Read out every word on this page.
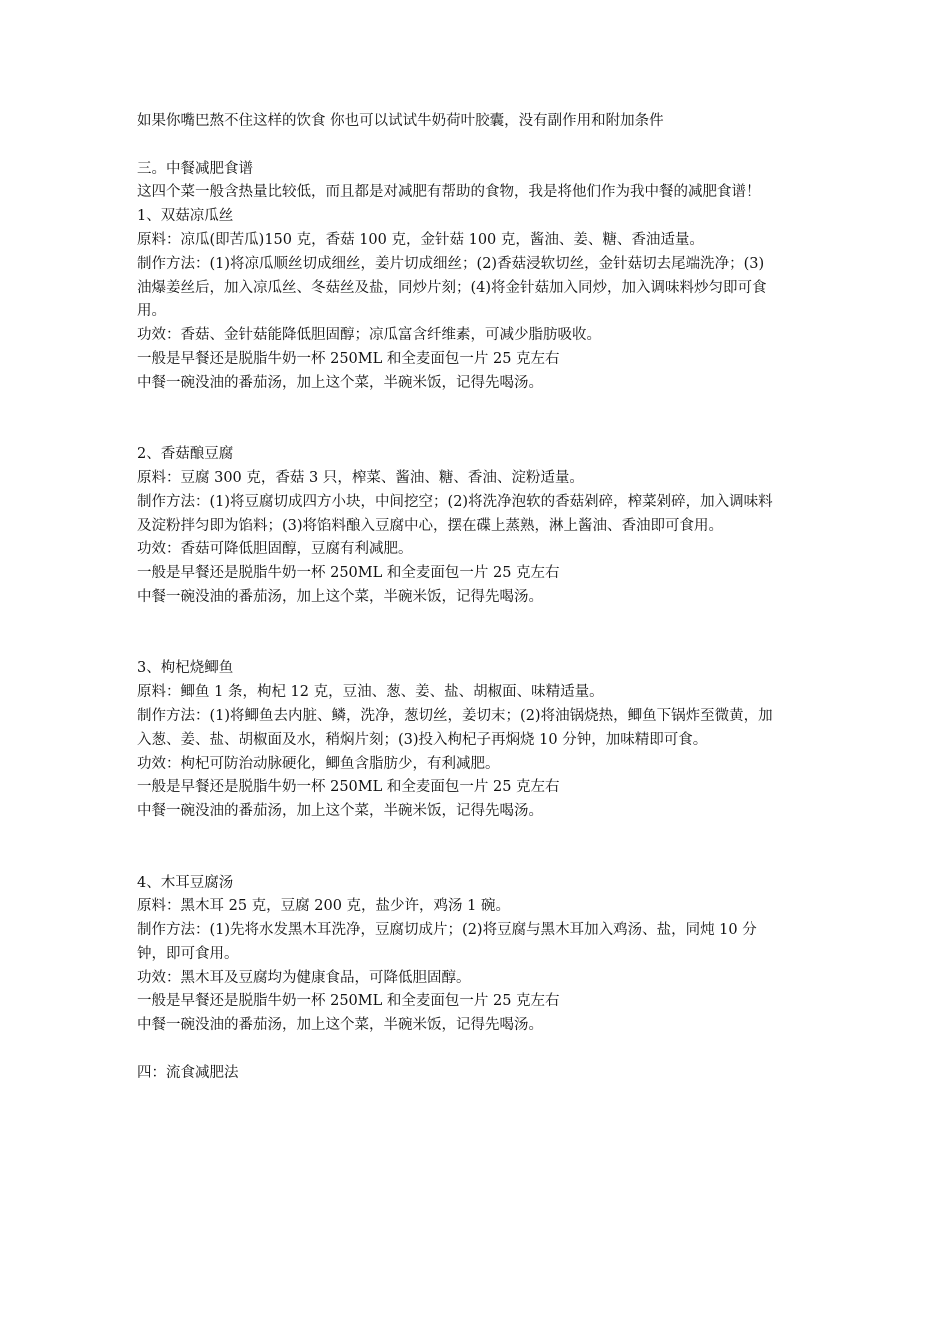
如果你嘴巴熬不住这样的饮食 你也可以试试牛奶荷叶胶囊，没有副作用和附加条件
三。中餐减肥食谱
这四个菜一般含热量比较低，而且都是对减肥有帮助的食物，我是将他们作为我中餐的减肥食谱！
1、双菇凉瓜丝
原料：凉瓜(即苦瓜)150 克，香菇 100 克，金针菇 100 克，酱油、姜、糖、香油适量。
制作方法：(1)将凉瓜顺丝切成细丝，姜片切成细丝；(2)香菇浸软切丝，金针菇切去尾端洗净；(3)油爆姜丝后，加入凉瓜丝、冬菇丝及盐，同炒片刻；(4)将金针菇加入同炒，加入调味料炒匀即可食用。
功效：香菇、金针菇能降低胆固醇；凉瓜富含纤维素，可减少脂肪吸收。
一般是早餐还是脱脂牛奶一杯 250ML 和全麦面包一片 25 克左右
中餐一碗没油的番茄汤，加上这个菜，半碗米饭，记得先喝汤。
2、香菇酿豆腐
原料：豆腐 300 克，香菇 3 只，榨菜、酱油、糖、香油、淀粉适量。
制作方法：(1)将豆腐切成四方小块，中间挖空；(2)将洗净泡软的香菇剁碎，榨菜剁碎，加入调味料及淀粉拌匀即为馅料；(3)将馅料酿入豆腐中心，摆在碟上蒸熟，淋上酱油、香油即可食用。
功效：香菇可降低胆固醇，豆腐有利减肥。
一般是早餐还是脱脂牛奶一杯 250ML 和全麦面包一片 25 克左右
中餐一碗没油的番茄汤，加上这个菜，半碗米饭，记得先喝汤。
3、枸杞烧鲫鱼
原料：鲫鱼 1 条，枸杞 12 克，豆油、葱、姜、盐、胡椒面、味精适量。
制作方法：(1)将鲫鱼去内脏、鳞，洗净，葱切丝，姜切末；(2)将油锅烧热，鲫鱼下锅炸至微黄，加入葱、姜、盐、胡椒面及水，稍焖片刻；(3)投入枸杞子再焖烧 10 分钟，加味精即可食。
功效：枸杞可防治动脉硬化，鲫鱼含脂肪少，有利减肥。
一般是早餐还是脱脂牛奶一杯 250ML 和全麦面包一片 25 克左右
中餐一碗没油的番茄汤，加上这个菜，半碗米饭，记得先喝汤。
4、木耳豆腐汤
原料：黑木耳 25 克，豆腐 200 克，盐少许，鸡汤 1 碗。
制作方法：(1)先将水发黑木耳洗净，豆腐切成片；(2)将豆腐与黑木耳加入鸡汤、盐，同炖 10 分钟，即可食用。
功效：黑木耳及豆腐均为健康食品，可降低胆固醇。
一般是早餐还是脱脂牛奶一杯 250ML 和全麦面包一片 25 克左右
中餐一碗没油的番茄汤，加上这个菜，半碗米饭，记得先喝汤。
四：流食减肥法
